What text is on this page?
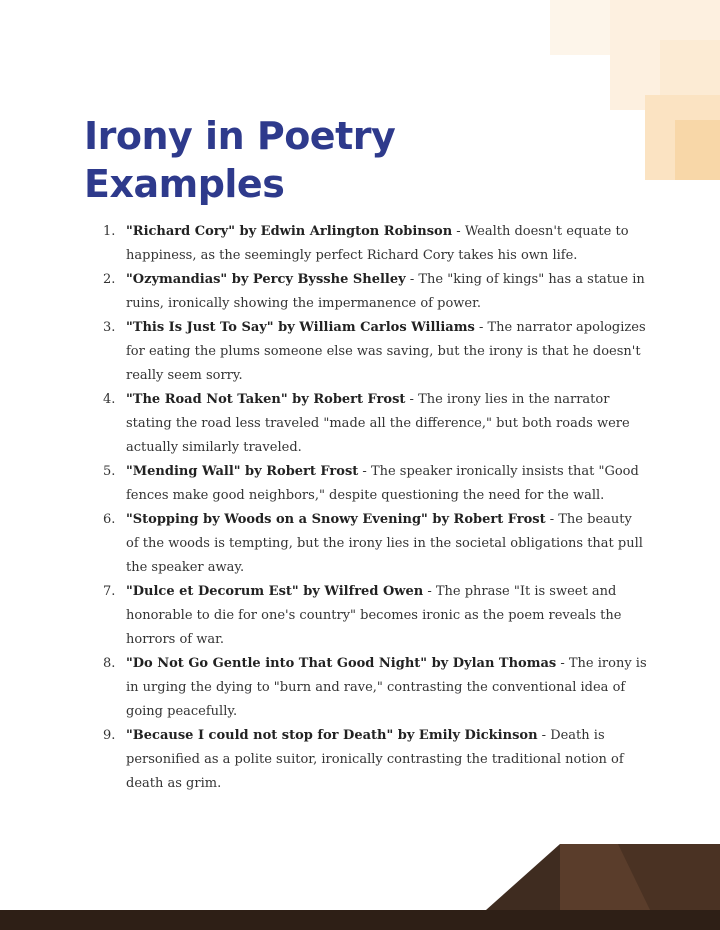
Irony in Poetry Examples
1. "Richard Cory" by Edwin Arlington Robinson - Wealth doesn't equate to happiness, as the seemingly perfect Richard Cory takes his own life.
2. "Ozymandias" by Percy Bysshe Shelley - The "king of kings" has a statue in ruins, ironically showing the impermanence of power.
3. "This Is Just To Say" by William Carlos Williams - The narrator apologizes for eating the plums someone else was saving, but the irony is that he doesn't really seem sorry.
4. "The Road Not Taken" by Robert Frost - The irony lies in the narrator stating the road less traveled "made all the difference," but both roads were actually similarly traveled.
5. "Mending Wall" by Robert Frost - The speaker ironically insists that "Good fences make good neighbors," despite questioning the need for the wall.
6. "Stopping by Woods on a Snowy Evening" by Robert Frost - The beauty of the woods is tempting, but the irony lies in the societal obligations that pull the speaker away.
7. "Dulce et Decorum Est" by Wilfred Owen - The phrase "It is sweet and honorable to die for one's country" becomes ironic as the poem reveals the horrors of war.
8. "Do Not Go Gentle into That Good Night" by Dylan Thomas - The irony is in urging the dying to "burn and rave," contrasting the conventional idea of going peacefully.
9. "Because I could not stop for Death" by Emily Dickinson - Death is personified as a polite suitor, ironically contrasting the traditional notion of death as grim.
